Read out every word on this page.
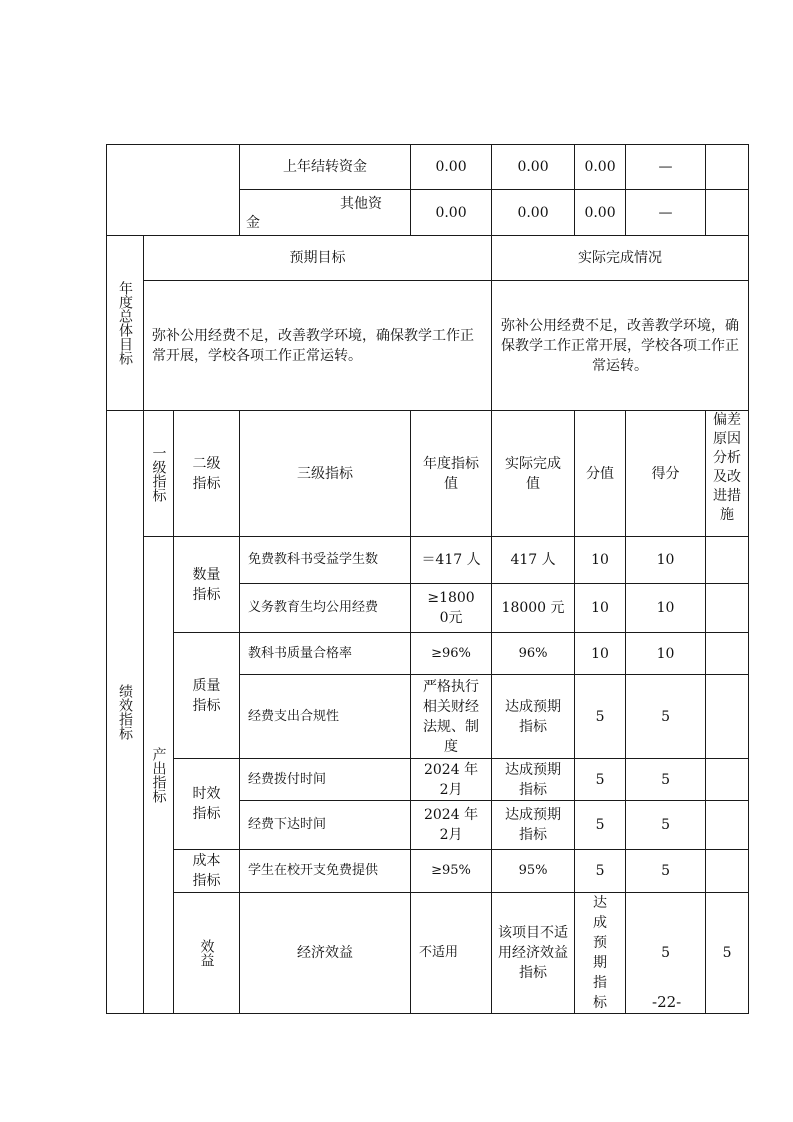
			上年结转资金	0.00	0.00	0.00	—		

			其他资
金	0.00	0.00	0.00	—		

年度总体目标	预期目标				实际完成情况				
	弥补公用经费不足，改善教学环境，确保教学工作正常开展，学校各项工作正常运转。				弥补公用经费不足，改善教学环境，确保教学工作正常开展，学校各项工作正常运转。				

绩效指标	一级指标	二级指标	三级指标	年度指标值	实际完成值	分值	得分	偏差原因分析及改进措施	

	产出指标	数量指标	免费教科书受益学生数	＝417 人	417 人	10	10		
			义务教育生均公用经费	≥18000元	18000 元	10	10		
		质量指标	教科书质量合格率	≥96%	96%	10	10		
			经费支出合规性	严格执行相关财经法规、制度	达成预期指标	5	5		
		时效指标	经费拨付时间	2024 年 2月	达成预期指标	5	5		
			经费下达时间	2024 年 2月	达成预期指标	5	5		
		成本指标	学生在校开支免费提供	≥95%	95%	5	5		

		效益	经济效益	不适用	该项目不适用经济效益指标	达成预期指标	5	5	
-22-
